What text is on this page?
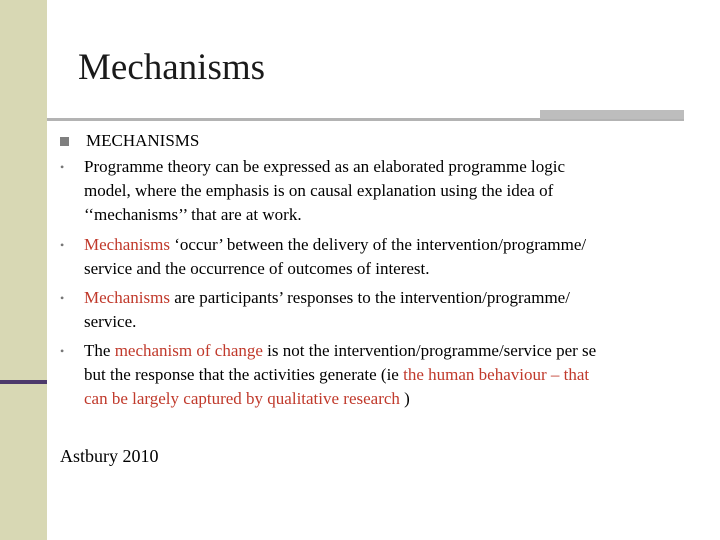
Mechanisms
MECHANISMS
•	Programme theory can be expressed as an elaborated programme logic
model, where the emphasis is on causal explanation using the idea of
‘‘mechanisms’’ that are at work.
•	Mechanisms ‘occur’ between the delivery of the intervention/programme/
service and the occurrence of outcomes of interest.
•	Mechanisms are participants’ responses to the intervention/programme/
service.
•	The mechanism of change is not the intervention/programme/service per se
but the response that the activities generate (ie the human behaviour – that
can be largely captured by qualitative research )
Astbury 2010
